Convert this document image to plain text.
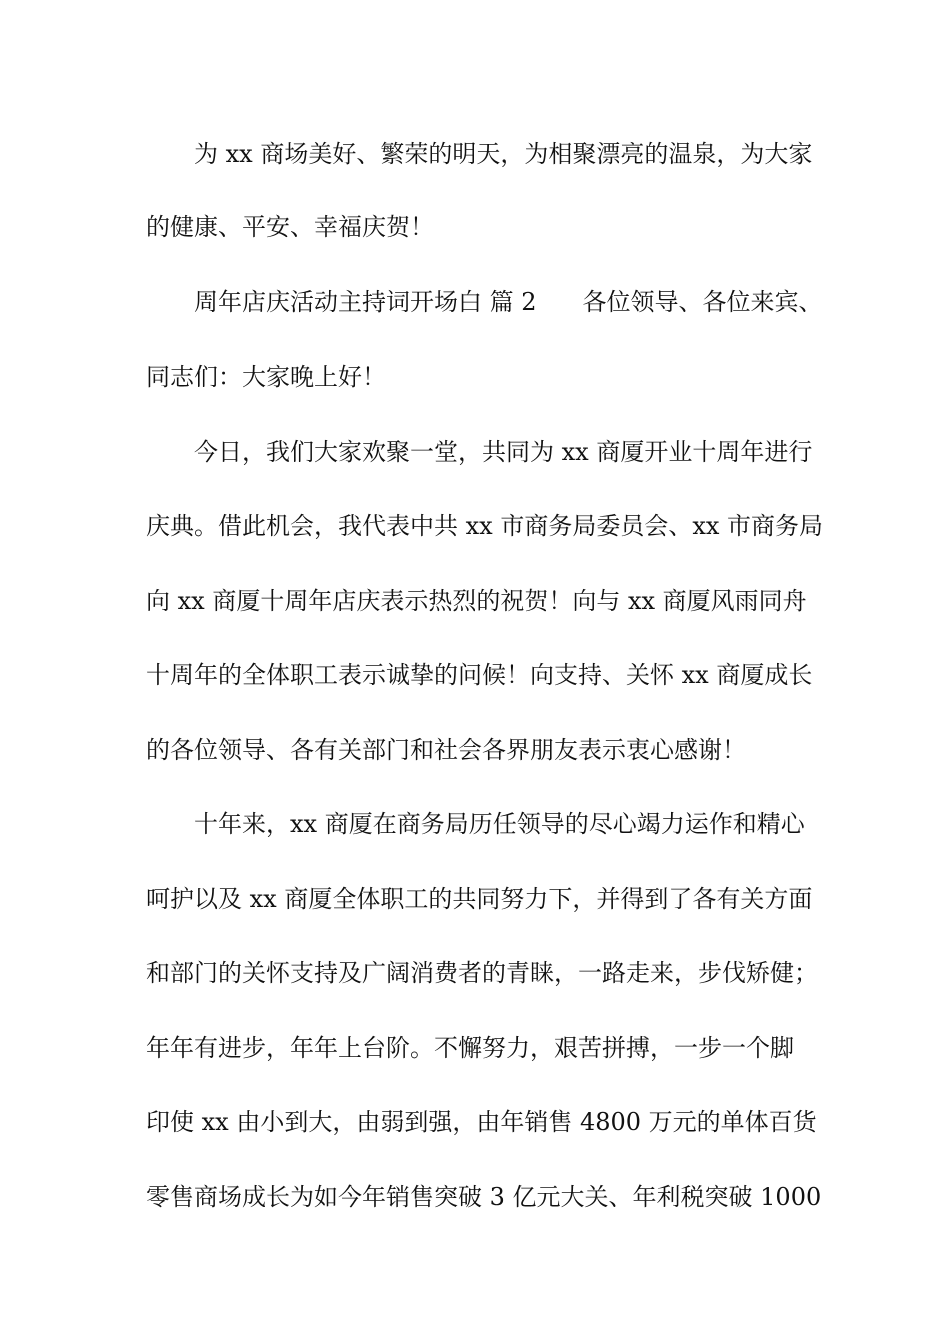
为 xx 商场美好、繁荣的明天，为相聚漂亮的温泉，为大家

的健康、平安、幸福庆贺！

周年店庆活动主持词开场白 篇 2 各位领导、各位来宾、

同志们：大家晚上好！

今日，我们大家欢聚一堂，共同为 xx 商厦开业十周年进行

庆典。借此机会，我代表中共 xx 市商务局委员会、xx 市商务局

向 xx 商厦十周年店庆表示热烈的祝贺！向与 xx 商厦风雨同舟

十周年的全体职工表示诚挚的问候！向支持、关怀 xx 商厦成长

的各位领导、各有关部门和社会各界朋友表示衷心感谢！

十年来，xx 商厦在商务局历任领导的尽心竭力运作和精心

呵护以及 xx 商厦全体职工的共同努力下，并得到了各有关方面

和部门的关怀支持及广阔消费者的青睐，一路走来，步伐矫健；

年年有进步，年年上台阶。不懈努力，艰苦拼搏，一步一个脚

印使 xx 由小到大，由弱到强，由年销售 4800 万元的单体百货

零售商场成长为如今年销售突破 3 亿元大关、年利税突破 1000
